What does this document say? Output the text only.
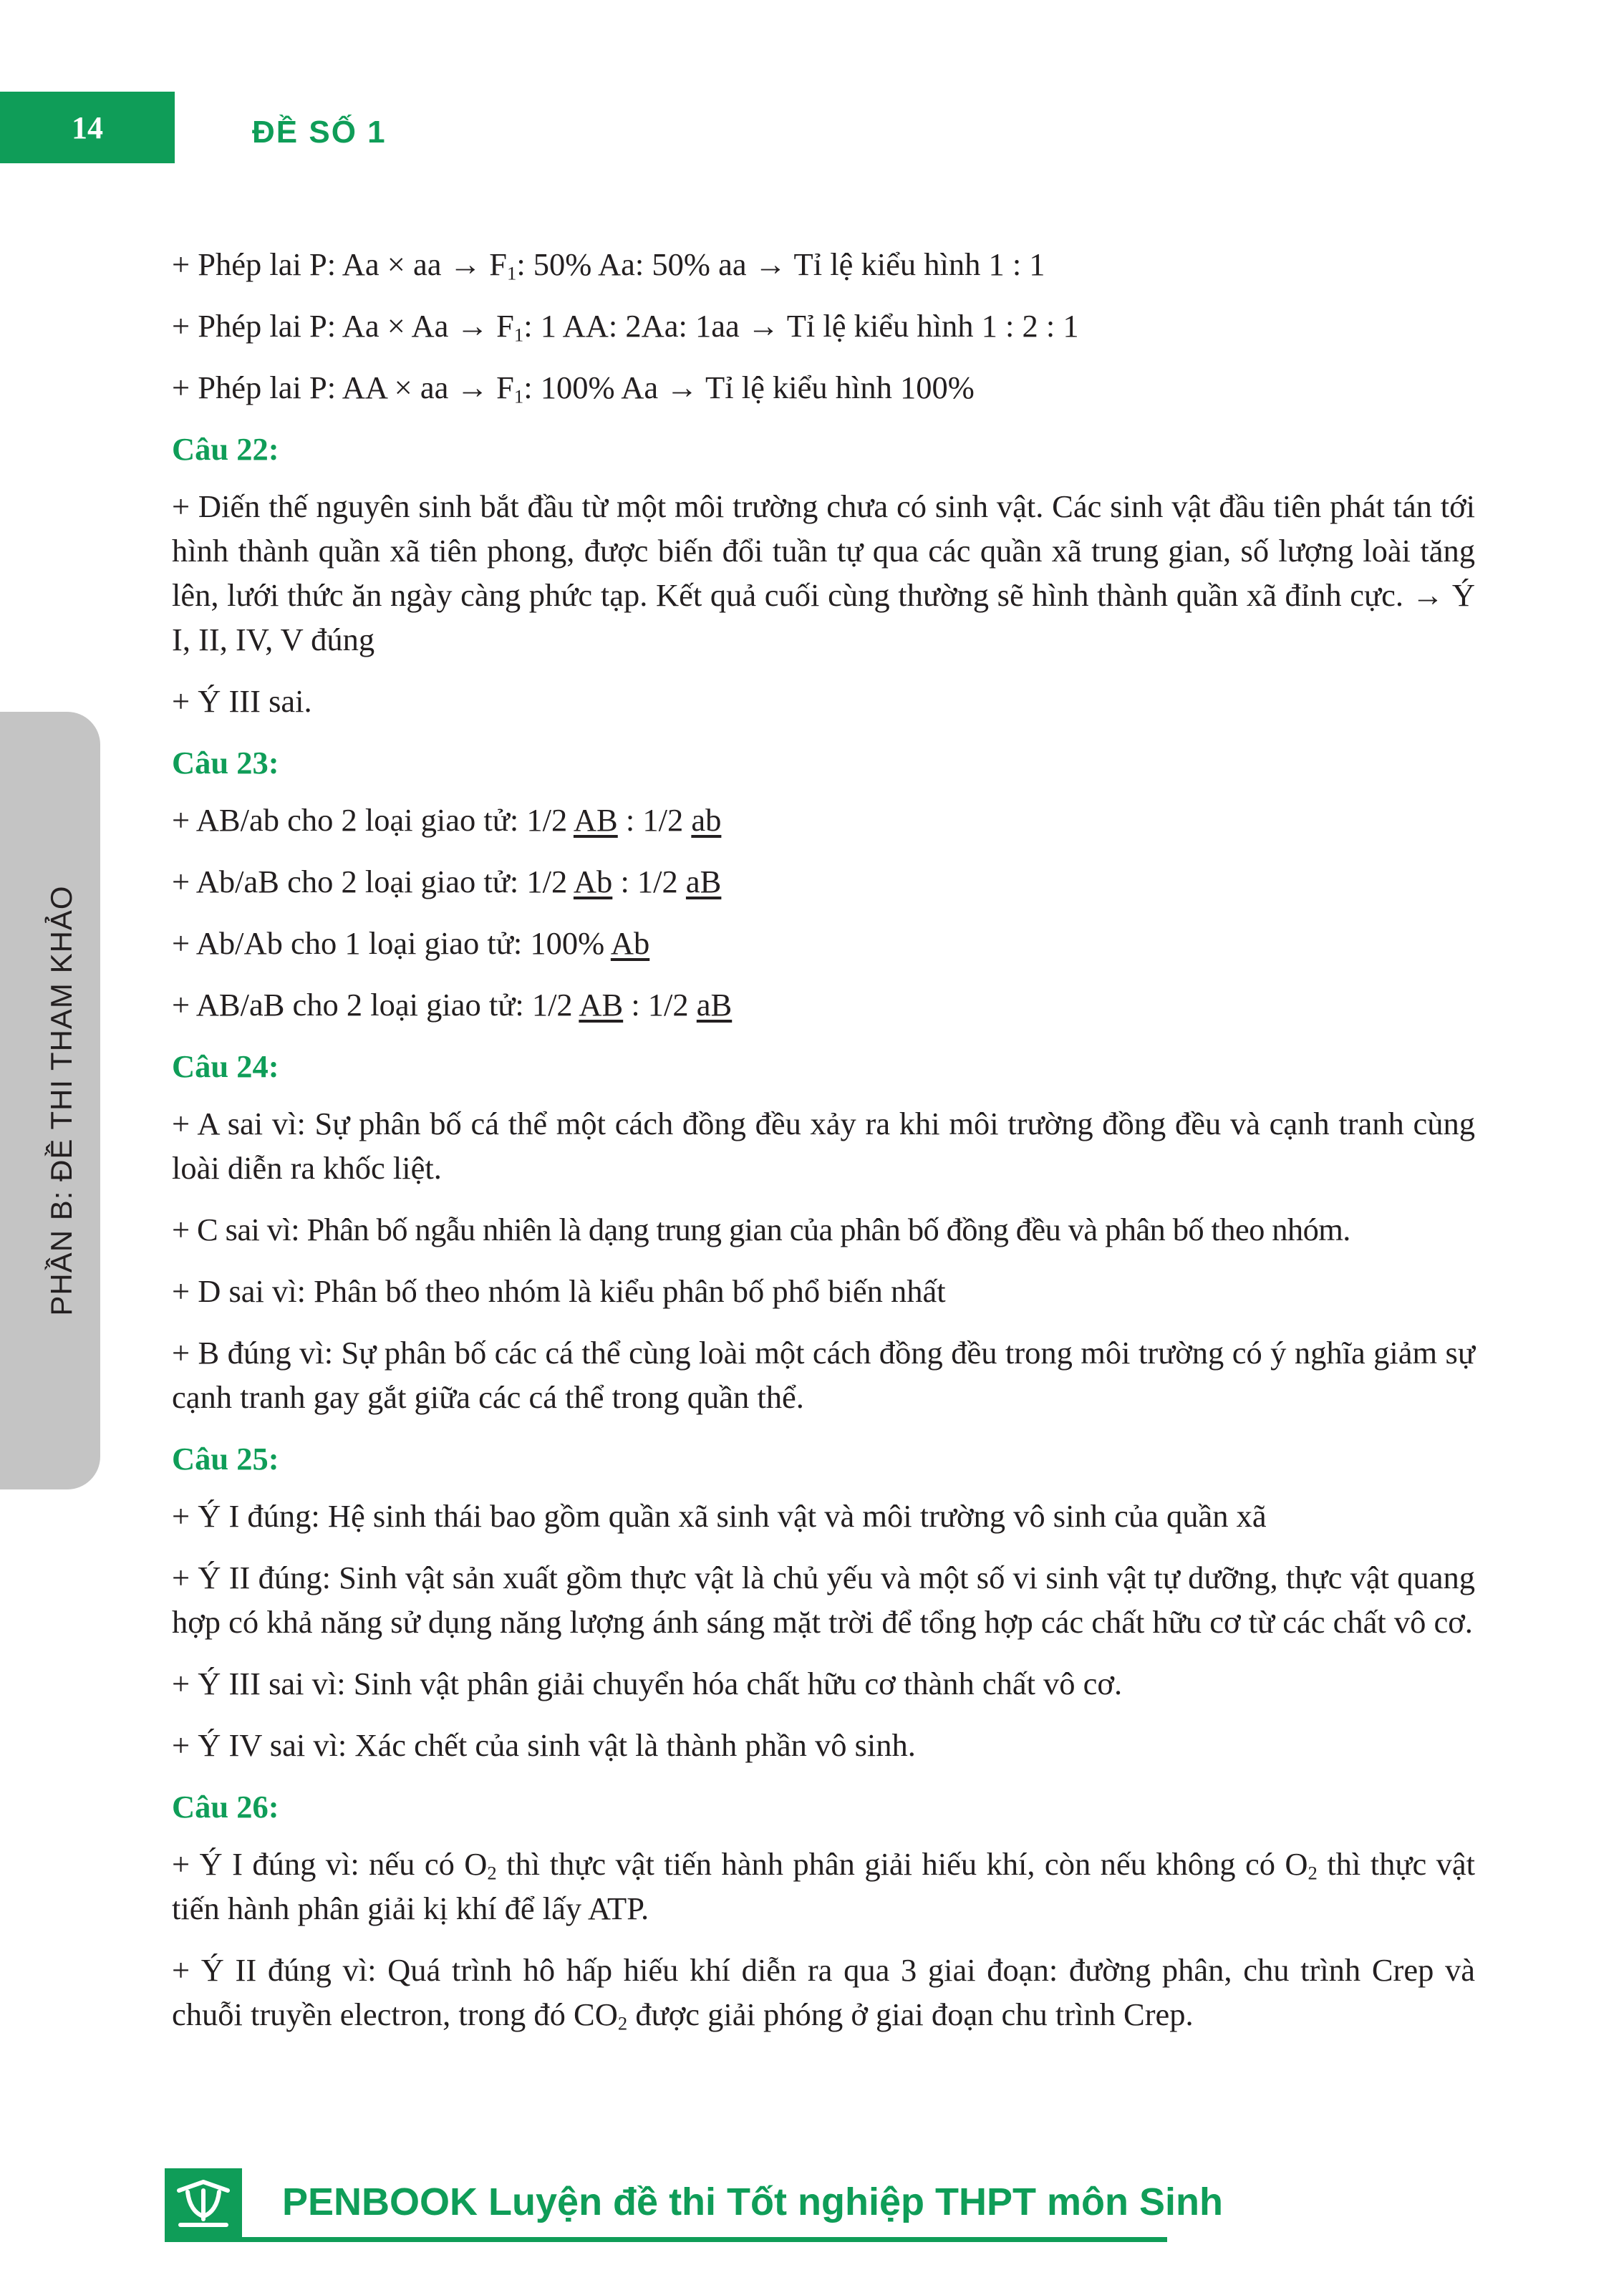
14	ĐỀ SỐ 1
PHẦN B: ĐỀ THI THAM KHẢO

+ Phép lai P: Aa × aa → $F_1$: 50% Aa: 50% aa → Tỉ lệ kiểu hình 1 : 1

+ Phép lai P: $Aa \times Aa \to F_1$: 1 AA: 2Aa: 1aa → Tỉ lệ kiểu hình 1 : 2 : 1

+ Phép lai P: AA × aa → $F_1$: 100% Aa → Tỉ lệ kiểu hình 100%

Câu 22:

+ Diến thế nguyên sinh bắt đầu từ một môi trường chưa có sinh vật. Các sinh vật đầu tiên phát tán tới hình thành quần xã tiên phong, được biến đổi tuần tự qua các quần xã trung gian, số lượng loài tăng lên, lưới thức ăn ngày càng phức tạp. Kết quả cuối cùng thường sẽ hình thành quần xã đỉnh cực. → Ý I, II, IV, V đúng

+ Ý III sai.

Câu 23:

+ AB/ab cho 2 loại giao tử: 1/2 AB : 1/2 ab

+ Ab/aB cho 2 loại giao tử: 1/2 Ab : 1/2 aB

+ Ab/Ab cho 1 loại giao tử: 100% Ab

+ AB/aB cho 2 loại giao tử: 1/2 AB : 1/2 aB

Câu 24:

+ A sai vì: Sự phân bố cá thể một cách đồng đều xảy ra khi môi trường đồng đều và cạnh tranh cùng loài diễn ra khốc liệt.

+ C sai vì: Phân bố ngẫu nhiên là dạng trung gian của phân bố đồng đều và phân bố theo nhóm.

+ D sai vì: Phân bố theo nhóm là kiểu phân bố phổ biến nhất

+ B đúng vì: Sự phân bố các cá thể cùng loài một cách đồng đều trong môi trường có ý nghĩa giảm sự cạnh tranh gay gắt giữa các cá thể trong quần thể.

Câu 25:

+ Ý I đúng: Hệ sinh thái bao gồm quần xã sinh vật và môi trường vô sinh của quần xã

+ Ý II đúng: Sinh vật sản xuất gồm thực vật là chủ yếu và một số vi sinh vật tự dưỡng, thực vật quang hợp có khả năng sử dụng năng lượng ánh sáng mặt trời để tổng hợp các chất hữu cơ từ các chất vô cơ.

+ Ý III sai vì: Sinh vật phân giải chuyển hóa chất hữu cơ thành chất vô cơ.

+ Ý IV sai vì: Xác chết của sinh vật là thành phần vô sinh.

Câu 26:

+ Ý I đúng vì: nếu có $O_2$ thì thực vật tiến hành phân giải hiếu khí, còn nếu không có $O_2$ thì thực vật tiến hành phân giải kị khí để lấy ATP.

+ Ý II đúng vì: Quá trình hô hấp hiếu khí diễn ra qua 3 giai đoạn: đường phân, chu trình Crep và chuỗi truyền electron, trong đó $CO_2$ được giải phóng ở giai đoạn chu trình Crep.

PENBOOK Luyện đề thi Tốt nghiệp THPT môn Sinh
